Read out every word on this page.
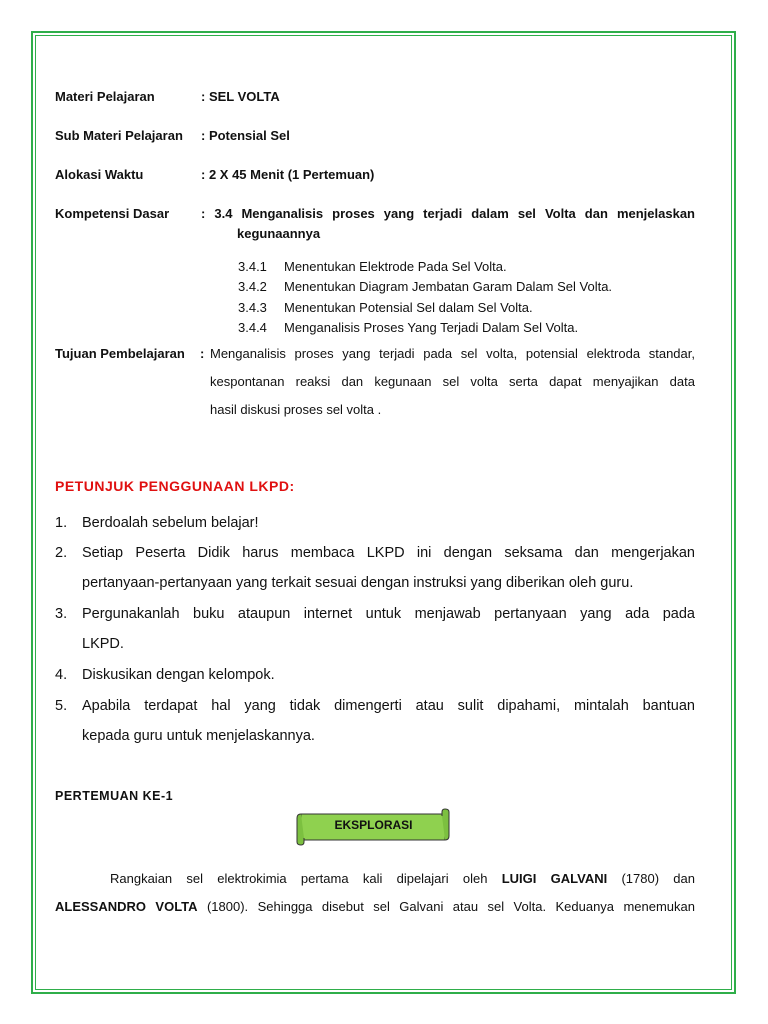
Materi Pelajaran	: SEL VOLTA
Sub Materi Pelajaran : Potensial Sel
Alokasi Waktu	: 2 X 45 Menit (1 Pertemuan)
Kompetensi Dasar : 3.4 Menganalisis proses yang terjadi dalam sel Volta dan menjelaskan
kegunaannya
3.4.1 Menentukan Elektrode Pada Sel Volta.
3.4.2 Menentukan Diagram Jembatan Garam Dalam Sel Volta.
3.4.3 Menentukan Potensial Sel dalam Sel Volta.
3.4.4 Menganalisis Proses Yang Terjadi Dalam Sel Volta.
Tujuan Pembelajaran : Menganalisis proses yang terjadi pada sel volta, potensial elektroda standar,
kespontanan reaksi dan kegunaan sel volta serta dapat menyajikan data
hasil diskusi proses sel volta .
PETUNJUK PENGGUNAAN LKPD:
1. Berdoalah sebelum belajar!
2. Setiap Peserta Didik harus membaca LKPD ini dengan seksama dan mengerjakan
pertanyaan-pertanyaan yang terkait sesuai dengan instruksi yang diberikan oleh guru.
3. Pergunakanlah buku ataupun internet untuk menjawab pertanyaan yang ada pada
LKPD.
4. Diskusikan dengan kelompok.
5. Apabila terdapat hal yang tidak dimengerti atau sulit dipahami, mintalah bantuan
kepada guru untuk menjelaskannya.
PERTEMUAN KE-1
EKSPLORASI
Rangkaian sel elektrokimia pertama kali dipelajari oleh LUIGI GALVANI (1780) dan
ALESSANDRO VOLTA (1800). Sehingga disebut sel Galvani atau sel Volta. Keduanya menemukan
